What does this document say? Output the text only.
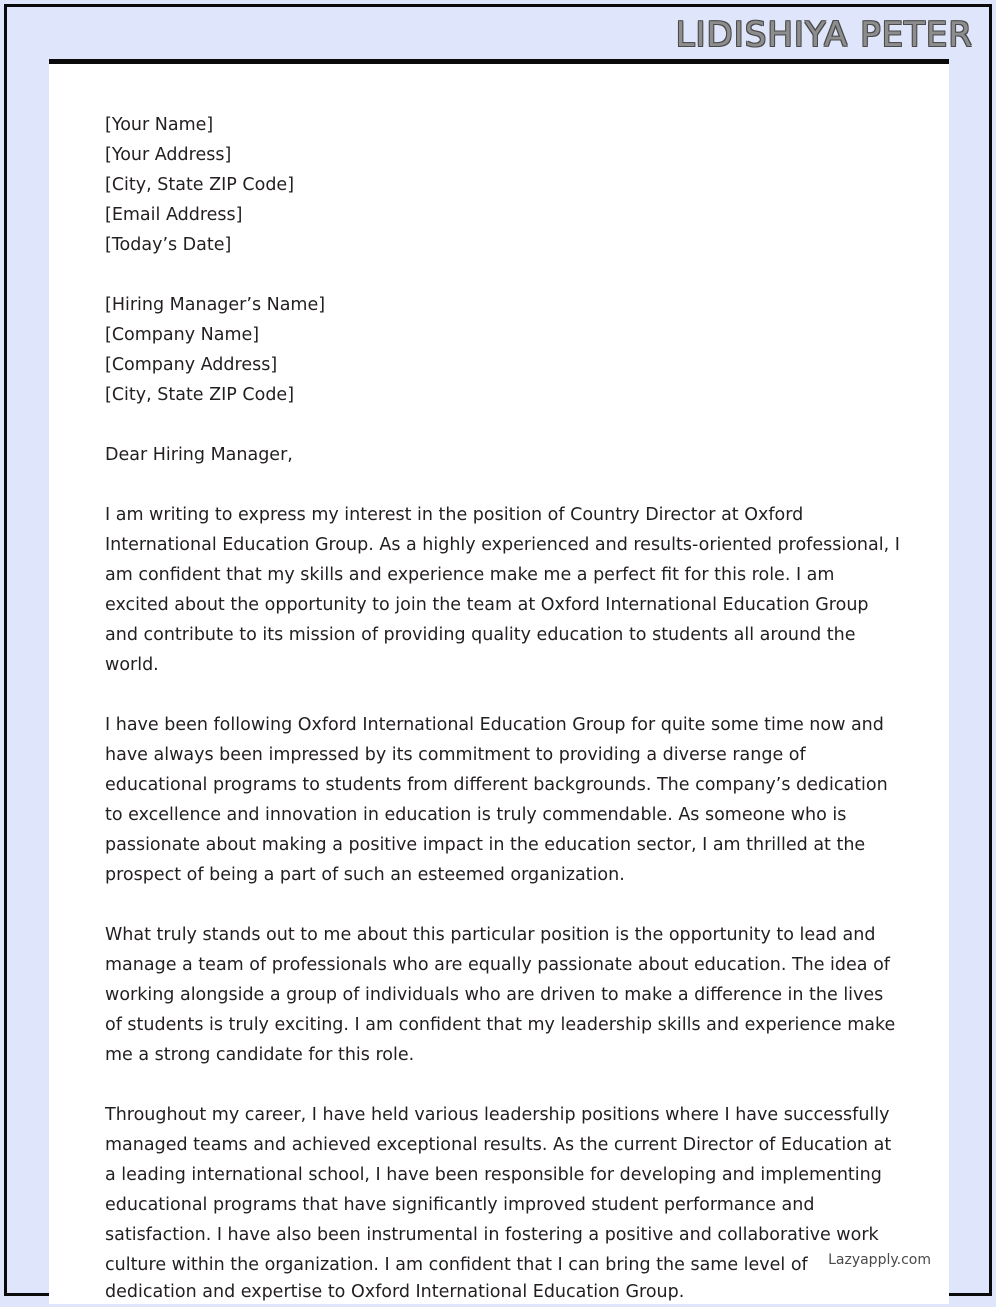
LIDISHIYA PETER
[Your Name]
[Your Address]
[City, State ZIP Code]
[Email Address]
[Today’s Date]
[Hiring Manager’s Name]
[Company Name]
[Company Address]
[City, State ZIP Code]
Dear Hiring Manager,

I am writing to express my interest in the position of Country Director at Oxford International Education Group. As a highly experienced and results-oriented professional, I am confident that my skills and experience make me a perfect fit for this role. I am excited about the opportunity to join the team at Oxford International Education Group and contribute to its mission of providing quality education to students all around the world.

I have been following Oxford International Education Group for quite some time now and have always been impressed by its commitment to providing a diverse range of educational programs to students from different backgrounds. The company’s dedication to excellence and innovation in education is truly commendable. As someone who is passionate about making a positive impact in the education sector, I am thrilled at the prospect of being a part of such an esteemed organization.

What truly stands out to me about this particular position is the opportunity to lead and manage a team of professionals who are equally passionate about education. The idea of working alongside a group of individuals who are driven to make a difference in the lives of students is truly exciting. I am confident that my leadership skills and experience make me a strong candidate for this role.

Throughout my career, I have held various leadership positions where I have successfully managed teams and achieved exceptional results. As the current Director of Education at a leading international school, I have been responsible for developing and implementing educational programs that have significantly improved student performance and satisfaction. I have also been instrumental in fostering a positive and collaborative work culture within the organization. I am confident that I can bring the same level of	Lazyapply.com
dedication and expertise to Oxford International Education Group.
